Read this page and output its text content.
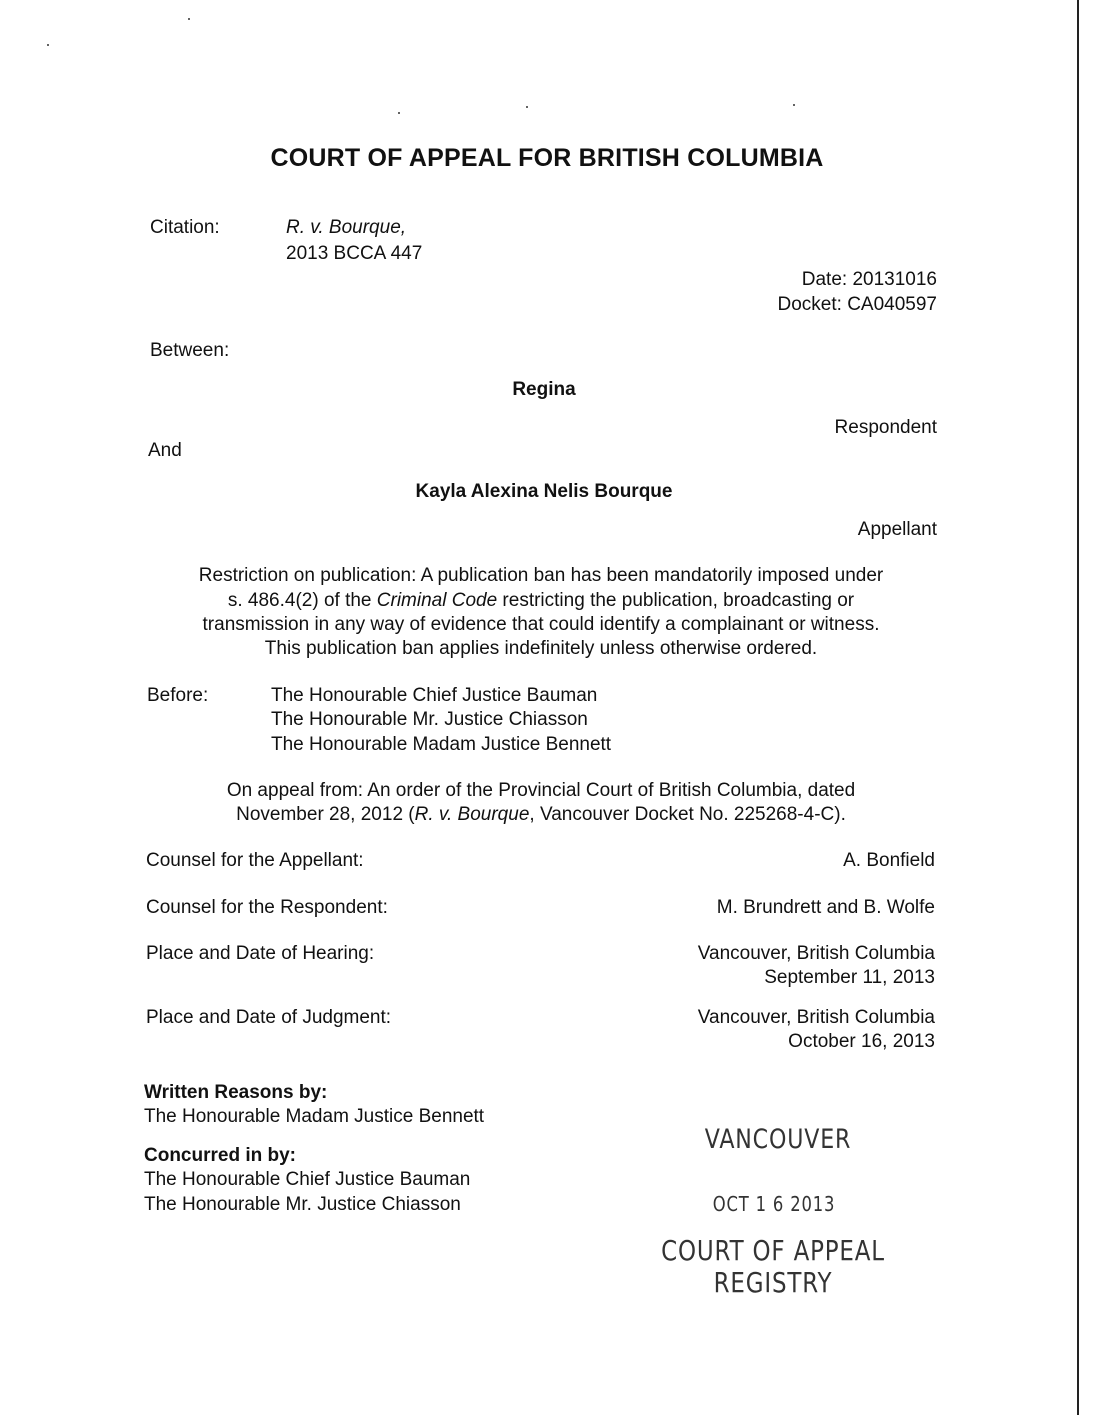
COURT OF APPEAL FOR BRITISH COLUMBIA
Citation:	R. v. Bourque,
2013 BCCA 447
Date: 20131016
Docket: CA040597
Between:
Regina
Respondent
And
Kayla Alexina Nelis Bourque
Appellant
Restriction on publication: A publication ban has been mandatorily imposed under
s. 486.4(2) of the Criminal Code restricting the publication, broadcasting or
transmission in any way of evidence that could identify a complainant or witness.
This publication ban applies indefinitely unless otherwise ordered.
Before:	The Honourable Chief Justice Bauman
The Honourable Mr. Justice Chiasson
The Honourable Madam Justice Bennett
On appeal from: An order of the Provincial Court of British Columbia, dated
November 28, 2012 (R. v. Bourque, Vancouver Docket No. 225268-4-C).
Counsel for the Appellant:	A. Bonfield
Counsel for the Respondent:	M. Brundrett and B. Wolfe
Place and Date of Hearing:	Vancouver, British Columbia
September 11, 2013
Place and Date of Judgment:	Vancouver, British Columbia
October 16, 2013
Written Reasons by:
The Honourable Madam Justice Bennett
Concurred in by:
The Honourable Chief Justice Bauman
The Honourable Mr. Justice Chiasson
VANCOUVER
OCT 1 6 2013
COURT OF APPEAL
REGISTRY
